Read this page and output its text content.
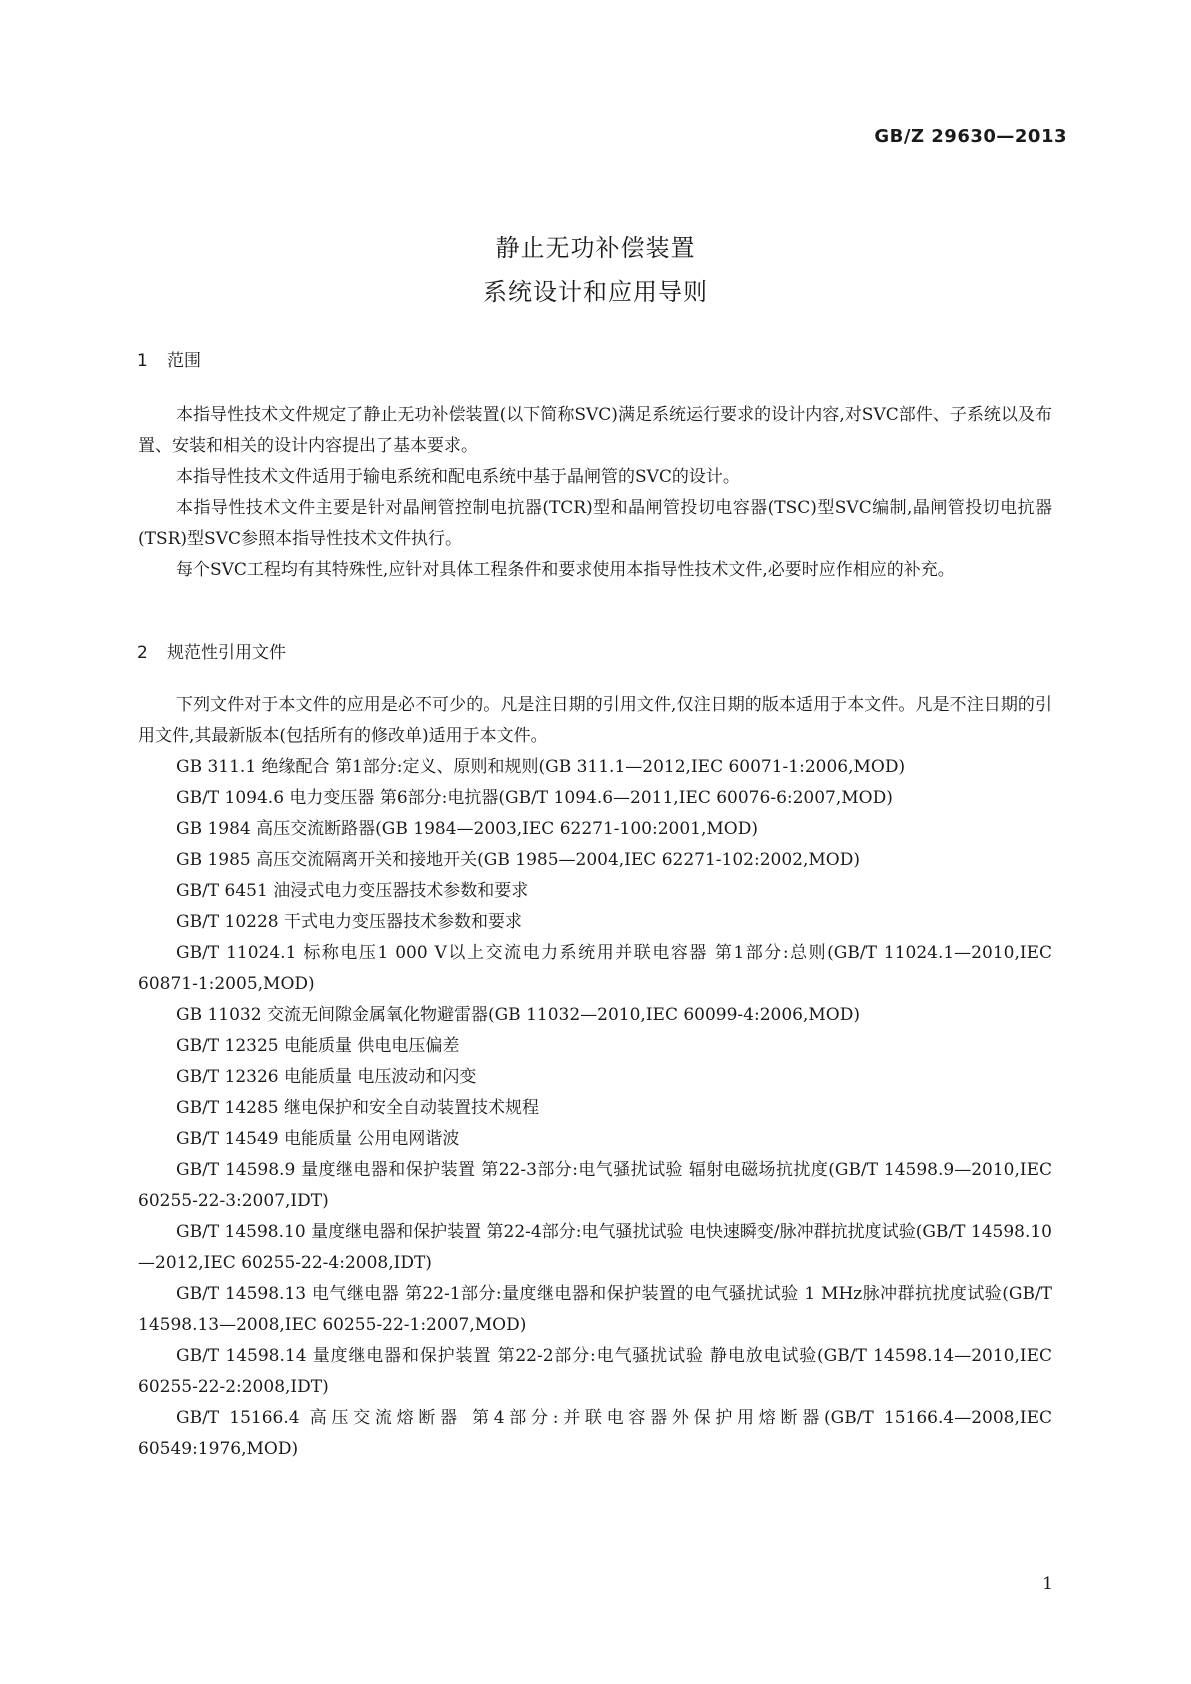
GB/Z 29630—2013
静止无功补偿装置
系统设计和应用导则
1 范围

本指导性技术文件规定了静止无功补偿装置(以下简称SVC)满足系统运行要求的设计内容,对SVC部件、子系统以及布置、安装和相关的设计内容提出了基本要求。

本指导性技术文件适用于输电系统和配电系统中基于晶闸管的SVC的设计。

本指导性技术文件主要是针对晶闸管控制电抗器(TCR)型和晶闸管投切电容器(TSC)型SVC编制,晶闸管投切电抗器(TSR)型SVC参照本指导性技术文件执行。

每个SVC工程均有其特殊性,应针对具体工程条件和要求使用本指导性技术文件,必要时应作相应的补充。

2 规范性引用文件

下列文件对于本文件的应用是必不可少的。凡是注日期的引用文件,仅注日期的版本适用于本文件。凡是不注日期的引用文件,其最新版本(包括所有的修改单)适用于本文件。

GB 311.1 绝缘配合 第1部分:定义、原则和规则(GB 311.1—2012,IEC 60071-1:2006,MOD)

GB/T 1094.6 电力变压器 第6部分:电抗器(GB/T 1094.6—2011,IEC 60076-6:2007,MOD)

GB 1984 高压交流断路器(GB 1984—2003,IEC 62271-100:2001,MOD)

GB 1985 高压交流隔离开关和接地开关(GB 1985—2004,IEC 62271-102:2002,MOD)

GB/T 6451 油浸式电力变压器技术参数和要求

GB/T 10228 干式电力变压器技术参数和要求

GB/T 11024.1 标称电压1 000 V以上交流电力系统用并联电容器 第1部分:总则(GB/T 11024.1—2010,IEC 60871-1:2005,MOD)

GB 11032 交流无间隙金属氧化物避雷器(GB 11032—2010,IEC 60099-4:2006,MOD)

GB/T 12325 电能质量 供电电压偏差

GB/T 12326 电能质量 电压波动和闪变

GB/T 14285 继电保护和安全自动装置技术规程

GB/T 14549 电能质量 公用电网谐波

GB/T 14598.9 量度继电器和保护装置 第22-3部分:电气骚扰试验 辐射电磁场抗扰度(GB/T 14598.9—2010,IEC 60255-22-3:2007,IDT)

GB/T 14598.10 量度继电器和保护装置 第22-4部分:电气骚扰试验 电快速瞬变/脉冲群抗扰度试验(GB/T 14598.10—2012,IEC 60255-22-4:2008,IDT)

GB/T 14598.13 电气继电器 第22-1部分:量度继电器和保护装置的电气骚扰试验 1 MHz脉冲群抗扰度试验(GB/T 14598.13—2008,IEC 60255-22-1:2007,MOD)

GB/T 14598.14 量度继电器和保护装置 第22-2部分:电气骚扰试验 静电放电试验(GB/T 14598.14—2010,IEC 60255-22-2:2008,IDT)

GB/T 15166.4 高压交流熔断器 第4部分:并联电容器外保护用熔断器(GB/T 15166.4—2008,IEC 60549:1976,MOD)

1
